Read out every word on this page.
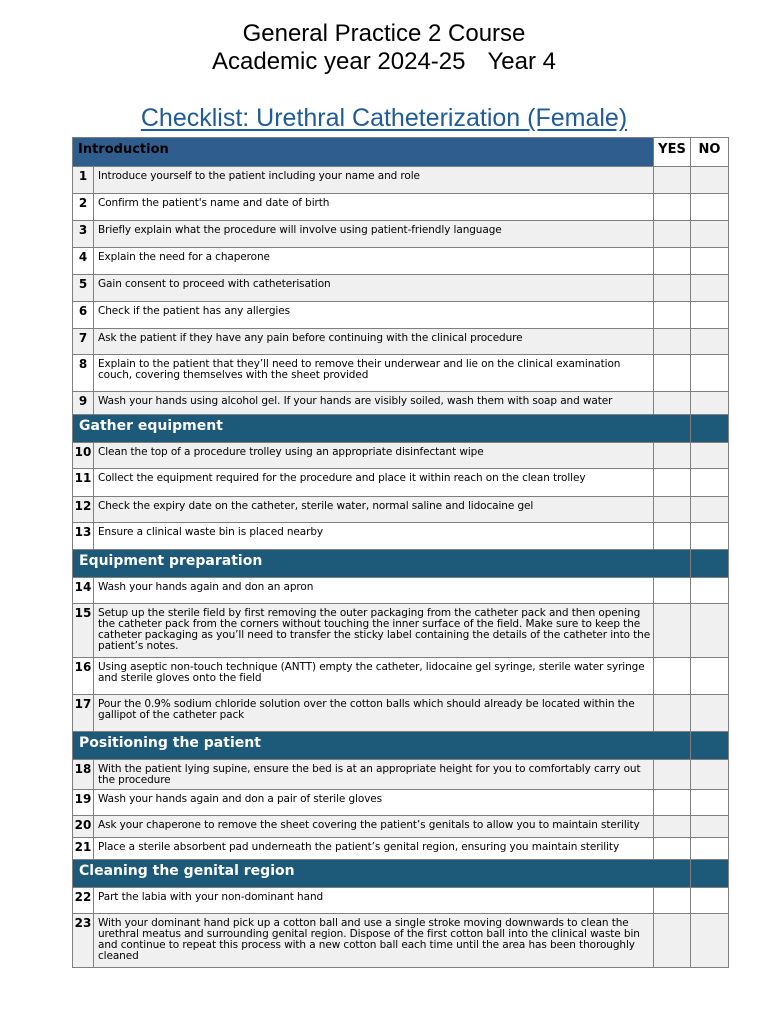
General Practice 2 Course
Academic year 2024-25 Year 4
Checklist: Urethral Catheterization (Female)
Introduction		YES	NO
1	Introduce yourself to the patient including your name and role		
2	Confirm the patient's name and date of birth		
3	Briefly explain what the procedure will involve using patient-friendly language		
4	Explain the need for a chaperone		
5	Gain consent to proceed with catheterisation		
6	Check if the patient has any allergies		
7	Ask the patient if they have any pain before continuing with the clinical procedure		
8	Explain to the patient that they’ll need to remove their underwear and lie on the clinical examination couch, covering themselves with the sheet provided		
9	Wash your hands using alcohol gel. If your hands are visibly soiled, wash them with soap and water		
Gather equipment			
10	Clean the top of a procedure trolley using an appropriate disinfectant wipe		
11	Collect the equipment required for the procedure and place it within reach on the clean trolley		
12	Check the expiry date on the catheter, sterile water, normal saline and lidocaine gel		
13	Ensure a clinical waste bin is placed nearby		
Equipment preparation			
14	Wash your hands again and don an apron		
15	Setup up the sterile field by first removing the outer packaging from the catheter pack and then opening the catheter pack from the corners without touching the inner surface of the field. Make sure to keep the catheter packaging as you’ll need to transfer the sticky label containing the details of the catheter into the patient’s notes.		
16	Using aseptic non-touch technique (ANTT) empty the catheter, lidocaine gel syringe, sterile water syringe and sterile gloves onto the field		
17	Pour the 0.9% sodium chloride solution over the cotton balls which should already be located within the gallipot of the catheter pack		
Positioning the patient			
18	With the patient lying supine, ensure the bed is at an appropriate height for you to comfortably carry out the procedure		
19	Wash your hands again and don a pair of sterile gloves		
20	Ask your chaperone to remove the sheet covering the patient’s genitals to allow you to maintain sterility		
21	Place a sterile absorbent pad underneath the patient’s genital region, ensuring you maintain sterility		
Cleaning the genital region			
22	Part the labia with your non-dominant hand		
23	With your dominant hand pick up a cotton ball and use a single stroke moving downwards to clean the urethral meatus and surrounding genital region. Dispose of the first cotton ball into the clinical waste bin and continue to repeat this process with a new cotton ball each time until the area has been thoroughly cleaned		
